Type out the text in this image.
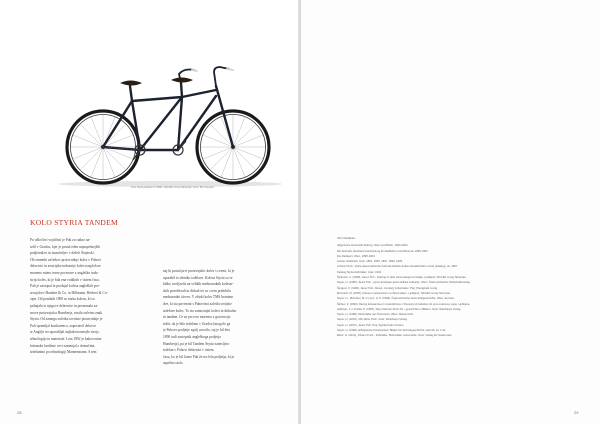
Kolo Styria tandem iz 1890. Tehniški muzej Slovenije. Foto: Bor Kopačin
KOLO STYRIA TANDEM
Po odločitvi vojaščini je Puh za stalno na-
selil v Gradcu, kjer je postal eden najuspešnejših
podjetnikov in izumiteljev v deželi Štajerski.
Ob omembi začetkov proizvodnje koles v Puhovi
delavnici in avstrijske industrije koles nasploh ne
moremo mimo tesne povezave z angleško indu-
strijo koles, ki je bila ena vodilnih v tistem času.
Puh je zastopal in prodajal kolesa angleških pro-
izvajalcev Humber & Co. in Hillmann, Herbert & Co-
oper. Od pomladi 1890 so nizka kolesa, ki so
prihajala iz njegove delavnice in posnemala za-
snove proizvajalca Humberja, nosila začetno znak
Styria. Od zamega začetka tovrstne proizvodnje je
Puh spremljal konkurenco, zapostavil delavce
iz Anglije ter uporabljal najkakovostnejše stroje,
tehnologijo in materiale. Leta 1892 je kakovostne
britanske kreditne cevi zamenjal z domačimi,
izdelanimi po tehnologiji Mannesmann. S tem
naj bi postal prvi proizvajalec koles s cevmi, ki je
uporabil to tehniko izdelave. Kolesa Styria so se
lahko uveljavila na velikih mednarodnih kolesar-
skih prireditvah in dirkah ter so s tem pridobila
mednarodni sloves. V zbirki koles TMS hranimo
dve, ki sta povezani s Puhovimi začetki serijske
izdelave koles. To sta samostojni kolesi in dirkalno
in tandem. Ce za prvo ne moremo z gotovostjo
trditi, da je bilo izdelano v Gradcu (mogoče ga
je Puhovo podjetje zgolj uvozilo, saj je bil leta
1890 tudi zastopnik angleškega podjetja
Humberja), pa je bil Tandem Styria zanesljivo
izdelan v Puhovi delavnici v tistem
času, ko je bil Janez Puh že na čelu podjetja, ki je
uspešno raslo.
28	29
Viri in literatura
Allgemeine Automobil-Zeitung, Wien und Berlin, 1909-1924.
Die Zeitmaß, illustrierte Fachzeitung für Radfahrer und Motorrad, 1896-1900.
Die Radsport, Wien, 1895-1903.
Grazer Volksblatt, Graz, 1891, 1893, 1897, 1899, 1909.
Johann Puch - Erste steiermärkische Fahrrad-Fabriks-Actien-Gesellschaft in Graz (katalog), ok. 1897.
Katalog Styria-Fahrräder, Graz, 1902.
Šinkovec, A. (2008), Janez Puh - življenje in delo slovenskega izumitelja. Ljubljana: Tehniški muzej Slovenije.
Seper, H. (1985), Janez Puh - pionir avstrijske avtomobilske industrije. Wien: Österreichischer Wirtschaftsverlag.
Šprajcer, F. (1996), Janez Puh, človek, izumitelj, industrialec. Ptuj: Pokrajinski muzej.
Meznarič, M. (2005), Kolesa in kolesarstvo na Slovenskem. Ljubljana: Tehniški muzej Slovenije.
Seper, H., Pfundner, M. in Lenz, H. P. (1999), Österreichische Automobilgeschichte. Wien: Eurotax.
Škrbec, F. (1993), Razvoj kolesarstva in motociklizma v Sloveniji od začetkov do prve svetovne vojne. Ljubljana.
Hoffman, J. in Knittel, P. (1995), Steyr-Daimler-Puch AG - geschichte in Bildern. Graz: Weishaupt Verlag.
Seper, H. (1998), Motorräder aus Österreich. Wien: Welsermühl.
Seper, H. (2004), 100 Jahre Puch. Graz: Weishaupt Verlag.
Seper, H. (2007), Janez Puh. Ptuj: Zgodovinsko društvo.
Seper, H. (1968), Erfolgreiche Pionierarbeit. Blätter für Technikgeschichte, Heft 30, str. 1-31.
Ebert, H. (2012), Johann Puch - Fahrräder, Motorräder, Automobile. Graz: Verlag der Steiermark.
